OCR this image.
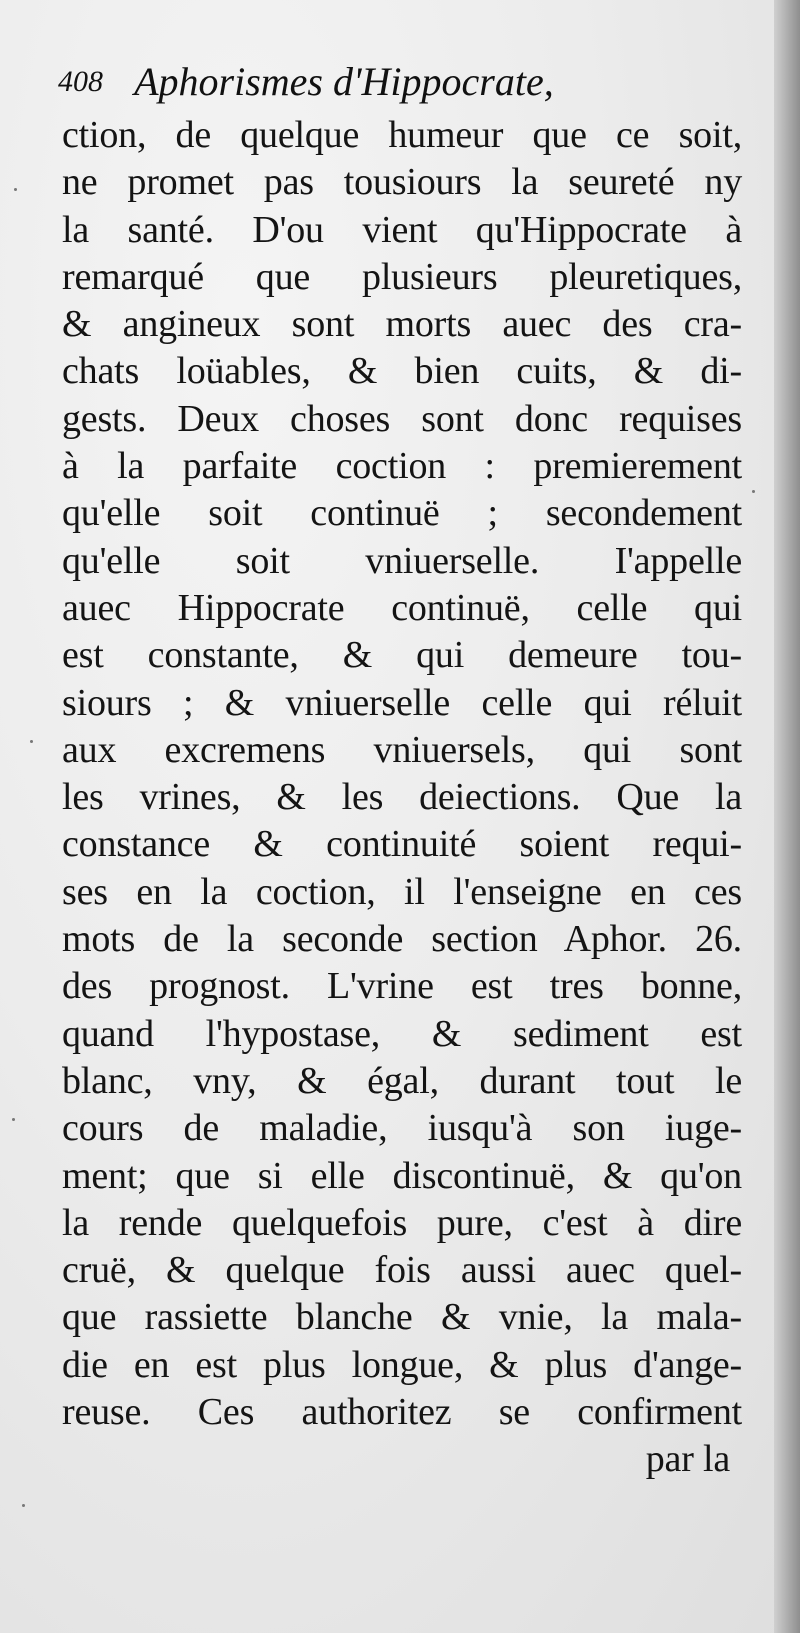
408 Aphorismes d'Hippocrate,
ction, de quelque humeur que ce soit,
ne promet pas tousiours la seureté ny
la santé. D'ou vient qu'Hippocrate à
remarqué que plusieurs pleuretiques,
& angineux sont morts auec des cra-
chats loüables, & bien cuits, & di-
gests. Deux choses sont donc requises
à la parfaite coction : premierement
qu'elle soit continuë ; secondement
qu'elle soit vniuerselle. I'appelle
auec Hippocrate continuë, celle qui
est constante, & qui demeure tou-
siours ; & vniuerselle celle qui réluit
aux excremens vniuersels, qui sont
les vrines, & les deiections. Que la
constance & continuité soient requi-
ses en la coction, il l'enseigne en ces
mots de la seconde section Aphor. 26.
des prognost. L'vrine est tres bonne,
quand l'hypostase, & sediment est
blanc, vny, & égal, durant tout le
cours de maladie, iusqu'à son iuge-
ment; que si elle discontinuë, & qu'on
la rende quelquefois pure, c'est à dire
cruë, & quelque fois aussi auec quel-
que rassiette blanche & vnie, la mala-
die en est plus longue, & plus d'ange-
reuse. Ces authoritez se confirment
par la
